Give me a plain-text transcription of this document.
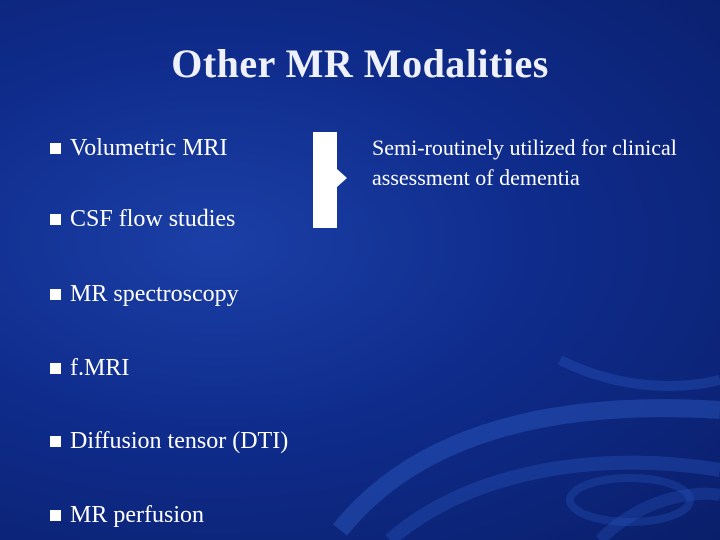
Other MR Modalities
Volumetric MRI
CSF flow studies
MR spectroscopy
f.MRI
Diffusion tensor (DTI)
MR perfusion
Semi-routinely utilized for clinical assessment of dementia
